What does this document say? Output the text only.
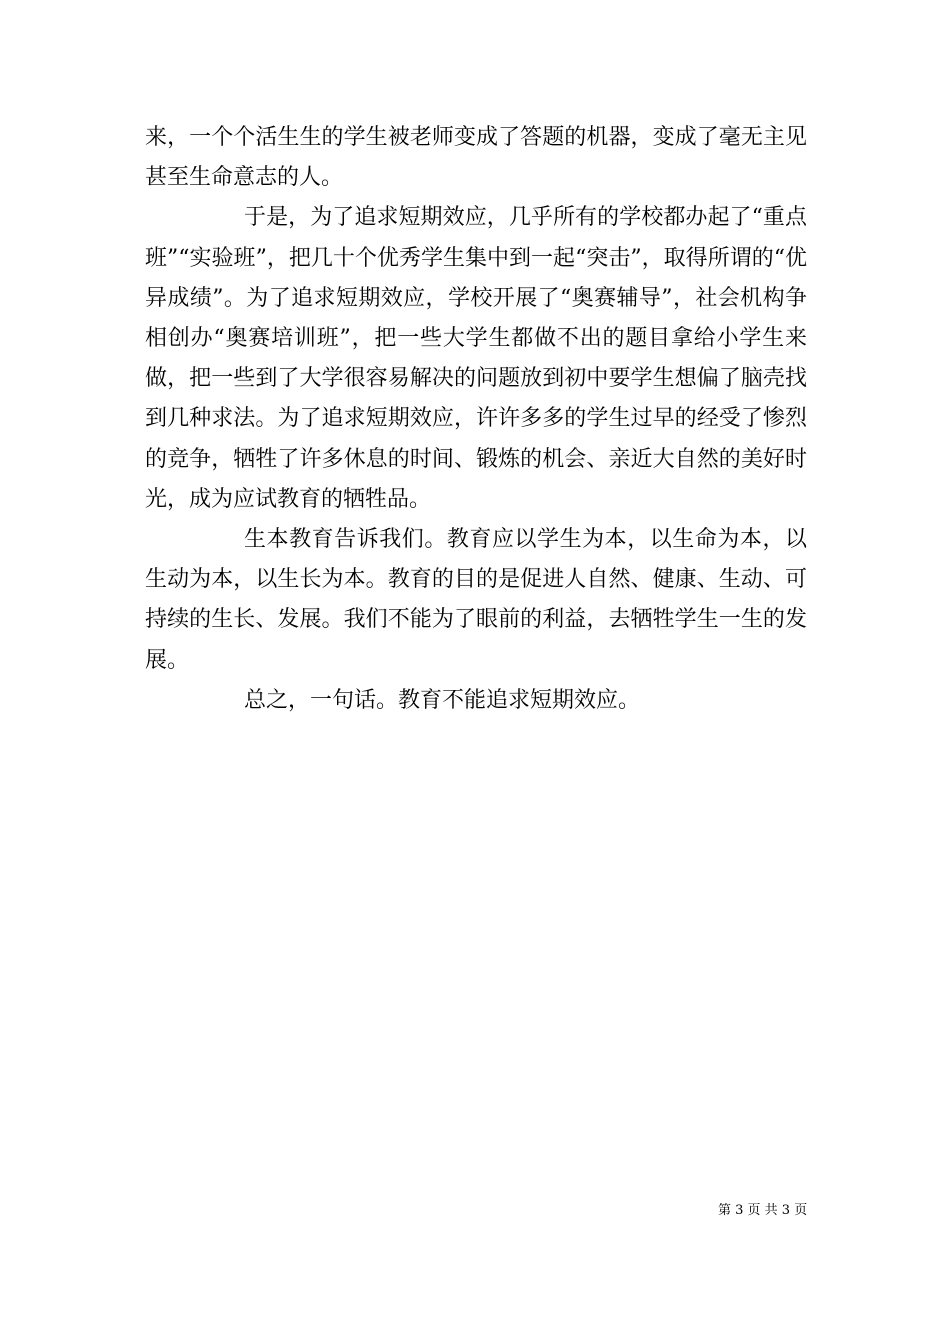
来，一个个活生生的学生被老师变成了答题的机器，变成了毫无主见甚至生命意志的人。

于是，为了追求短期效应，几乎所有的学校都办起了“重点班”“实验班”，把几十个优秀学生集中到一起“突击”，取得所谓的“优异成绩”。为了追求短期效应，学校开展了“奥赛辅导”，社会机构争相创办“奥赛培训班”，把一些大学生都做不出的题目拿给小学生来做，把一些到了大学很容易解决的问题放到初中要学生想偏了脑壳找到几种求法。为了追求短期效应，许许多多的学生过早的经受了惨烈的竞争，牺牲了许多休息的时间、锻炼的机会、亲近大自然的美好时光，成为应试教育的牺牲品。

生本教育告诉我们。教育应以学生为本，以生命为本，以生动为本，以生长为本。教育的目的是促进人自然、健康、生动、可持续的生长、发展。我们不能为了眼前的利益，去牺牲学生一生的发展。

总之，一句话。教育不能追求短期效应。

第 3 页 共 3 页
